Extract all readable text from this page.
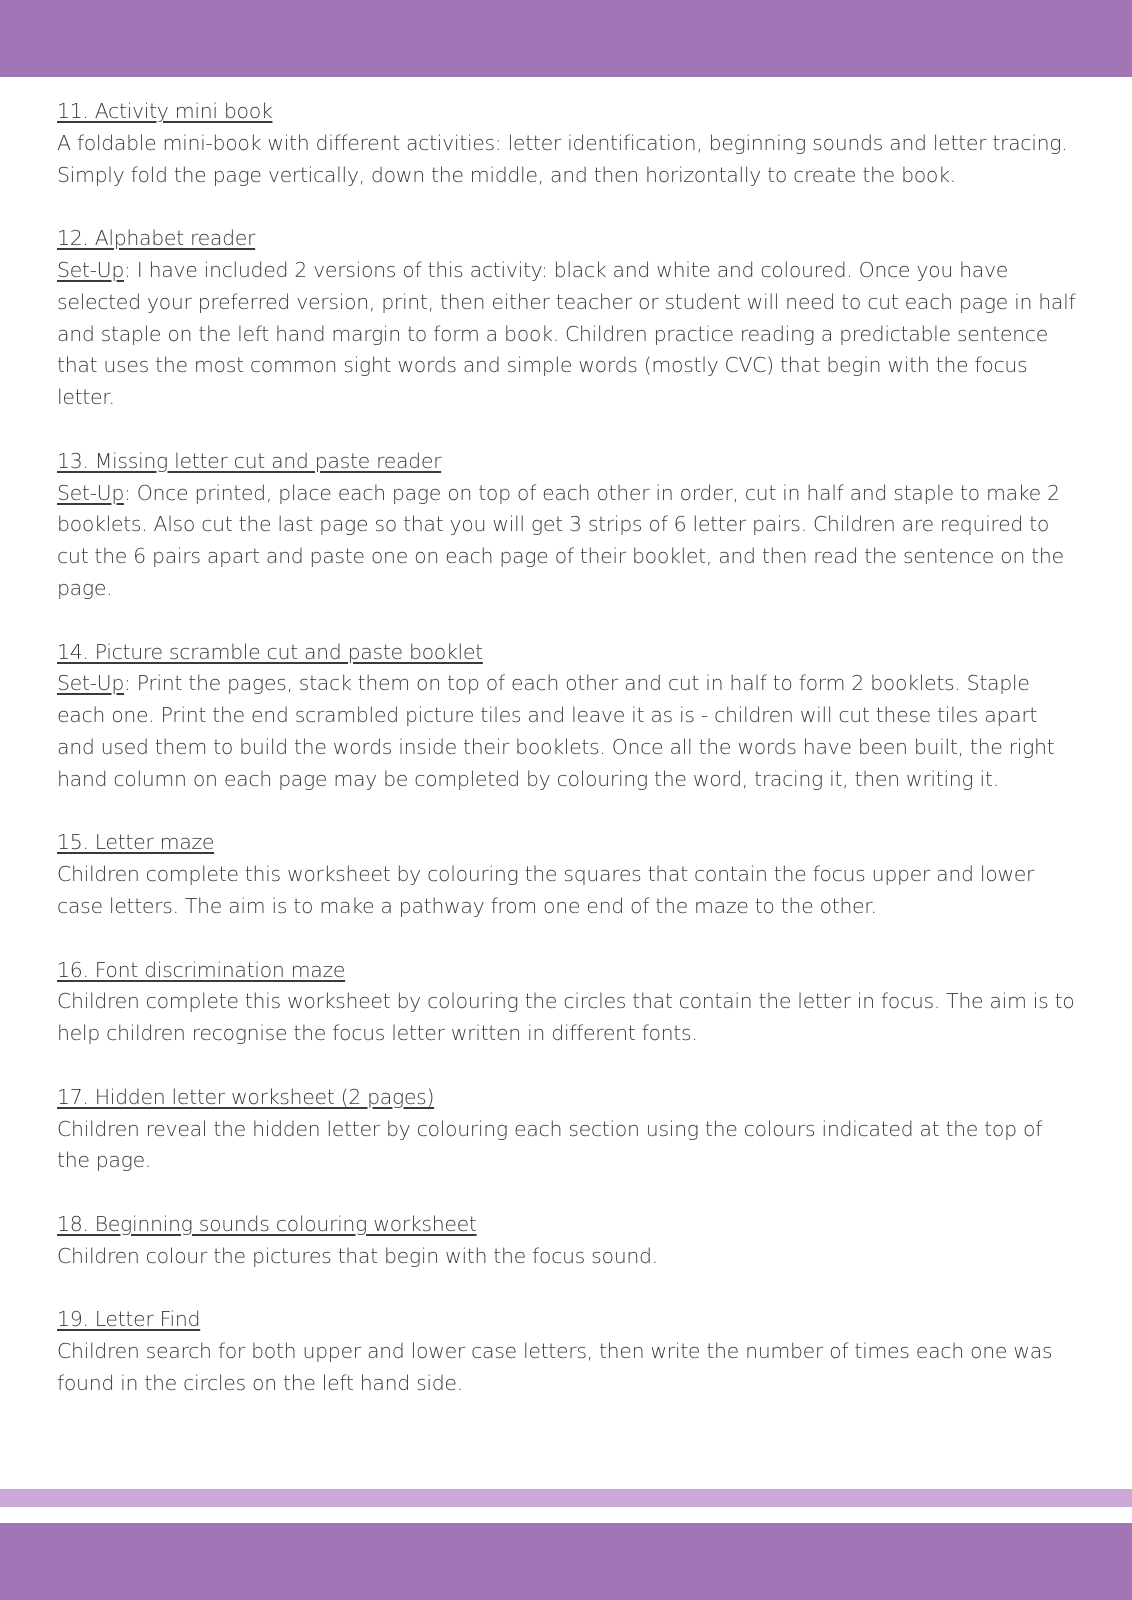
11. Activity mini book

A foldable mini-book with different activities: letter identification, beginning sounds and letter tracing. Simply fold the page vertically, down the middle, and then horizontally to create the book.

12. Alphabet reader

Set-Up: I have included 2 versions of this activity: black and white and coloured. Once you have selected your preferred version, print, then either teacher or student will need to cut each page in half and staple on the left hand margin to form a book. Children practice reading a predictable sentence that uses the most common sight words and simple words (mostly CVC) that begin with the focus letter.

13. Missing letter cut and paste reader

Set-Up: Once printed, place each page on top of each other in order, cut in half and staple to make 2 booklets. Also cut the last page so that you will get 3 strips of 6 letter pairs. Children are required to cut the 6 pairs apart and paste one on each page of their booklet, and then read the sentence on the page.

14. Picture scramble cut and paste booklet

Set-Up: Print the pages, stack them on top of each other and cut in half to form 2 booklets. Staple each one. Print the end scrambled picture tiles and leave it as is - children will cut these tiles apart and used them to build the words inside their booklets. Once all the words have been built, the right hand column on each page may be completed by colouring the word, tracing it, then writing it.

15. Letter maze

Children complete this worksheet by colouring the squares that contain the focus upper and lower case letters. The aim is to make a pathway from one end of the maze to the other.

16. Font discrimination maze

Children complete this worksheet by colouring the circles that contain the letter in focus. The aim is to help children recognise the focus letter written in different fonts.

17. Hidden letter worksheet (2 pages)

Children reveal the hidden letter by colouring each section using the colours indicated at the top of the page.

18. Beginning sounds colouring worksheet

Children colour the pictures that begin with the focus sound.

19. Letter Find

Children search for both upper and lower case letters, then write the number of times each one was found in the circles on the left hand side.
